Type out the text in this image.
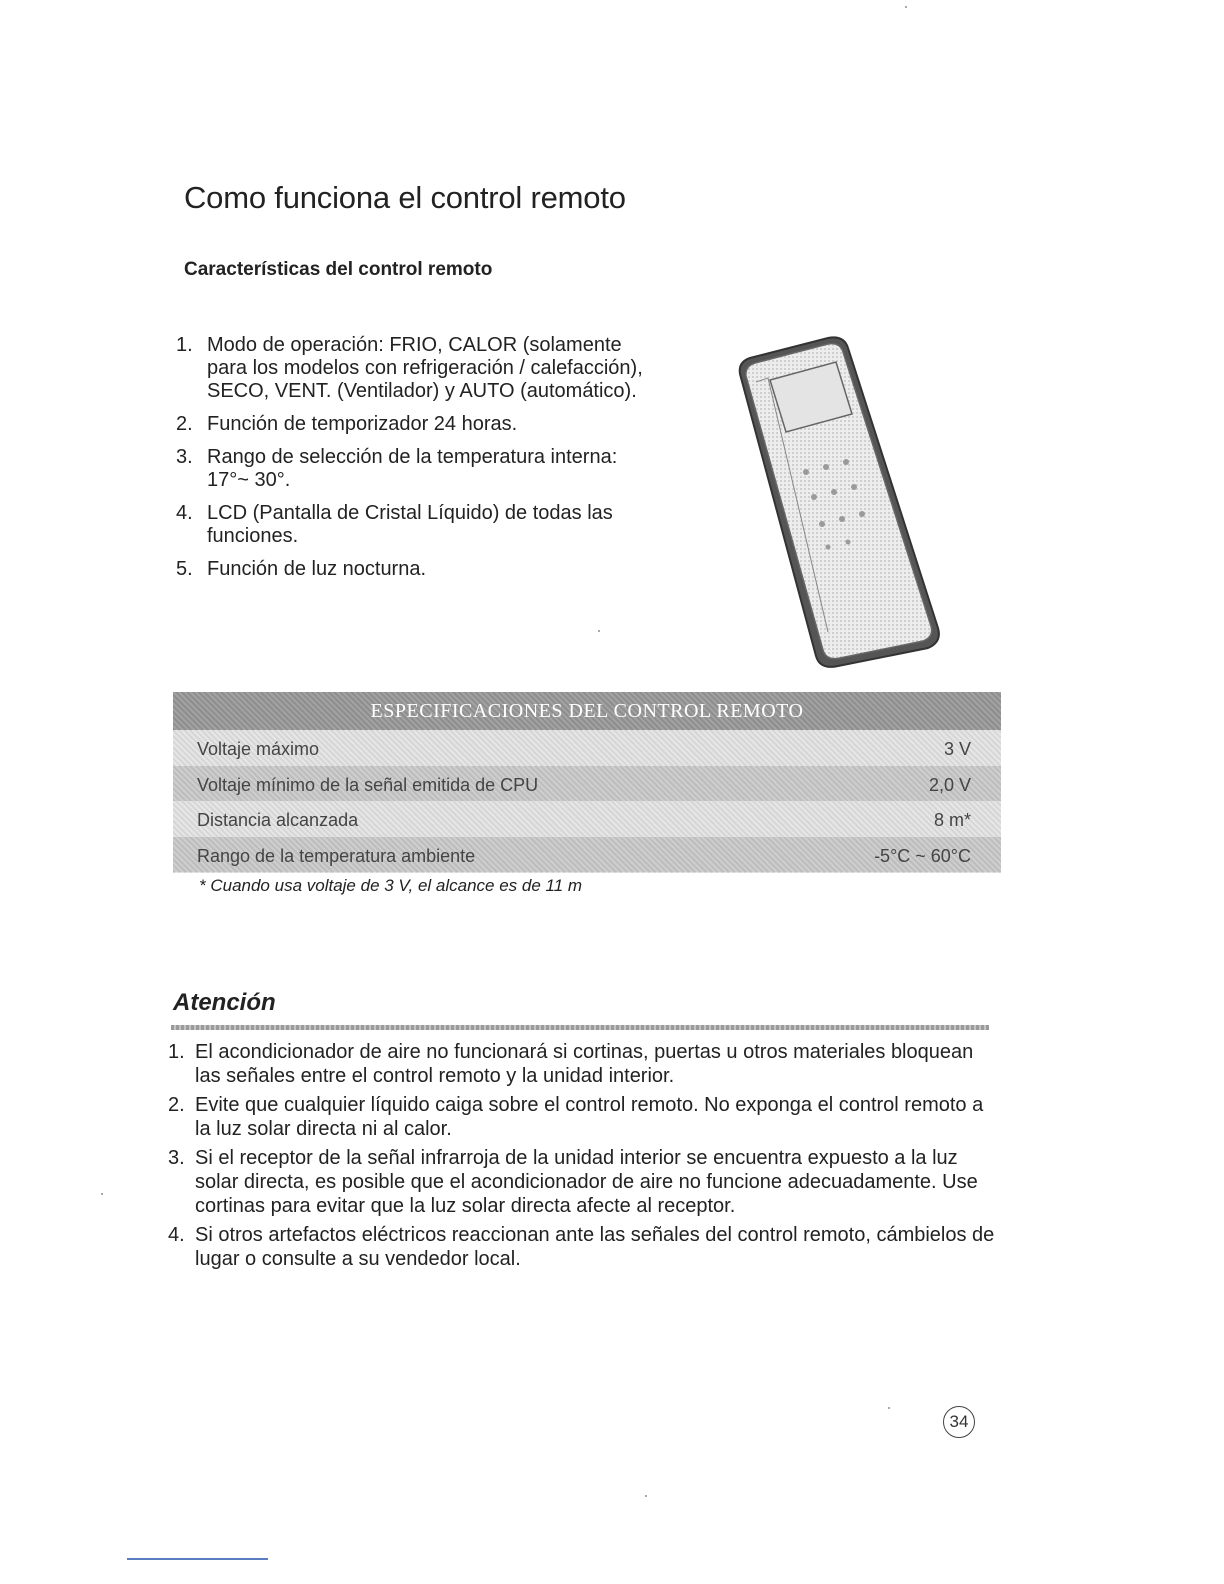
Como funciona el control remoto
Características del control remoto
1. Modo de operación: FRIO, CALOR (solamente para los modelos con refrigeración / calefacción), SECO, VENT. (Ventilador) y AUTO (automático).
2. Función de temporizador 24 horas.
3. Rango de selección de la temperatura interna: 17°~ 30°.
4. LCD (Pantalla de Cristal Líquido) de todas las funciones.
5. Función de luz nocturna.
ESPECIFICACIONES DEL CONTROL REMOTO
Voltaje máximo	3 V
Voltaje mínimo de la señal emitida de CPU	2,0 V
Distancia alcanzada	8 m*
Rango de la temperatura ambiente	-5°C ~ 60°C
* Cuando usa voltaje de 3 V, el alcance es de 11 m
Atención
1. El acondicionador de aire no funcionará si cortinas, puertas u otros materiales bloquean las señales entre el control remoto y la unidad interior.
2. Evite que cualquier líquido caiga sobre el control remoto. No exponga el control remoto a la luz solar directa ni al calor.
3. Si el receptor de la señal infrarroja de la unidad interior se encuentra expuesto a la luz solar directa, es posible que el acondicionador de aire no funcione adecuadamente. Use cortinas para evitar que la luz solar directa afecte al receptor.
4. Si otros artefactos eléctricos reaccionan ante las señales del control remoto, cámbielos de lugar o consulte a su vendedor local.
34
